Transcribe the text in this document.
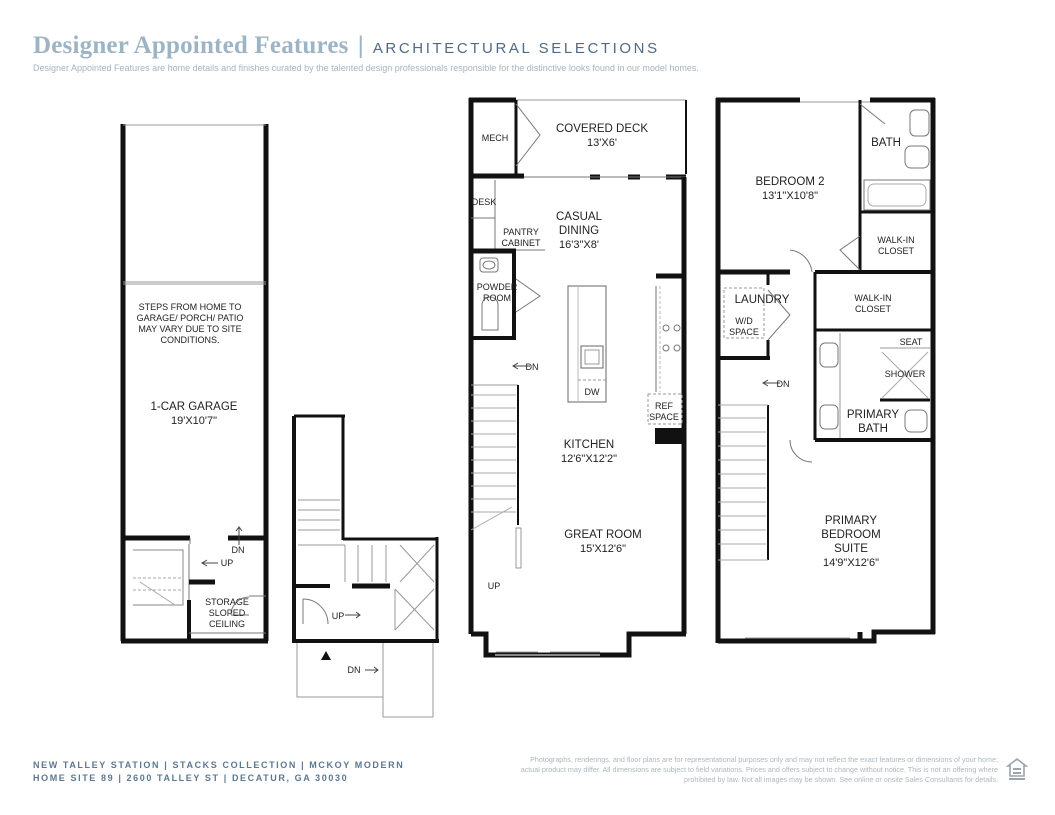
Designer Appointed Features | ARCHITECTURAL SELECTIONS
Designer Appointed Features are home details and finishes curated by the talented design professionals responsible for the distinctive looks found in our model homes.
STEPS FROM HOME TO
GARAGE/ PORCH/ PATIO
MAY VARY DUE TO SITE
CONDITIONS.
1-CAR GARAGE
19'X10'7"
DN
UP
STORAGE
SLOPED
CEILING
UP
DN
MECH
COVERED DECK
13'X6'
DESK
PANTRY
CABINET
CASUAL
DINING
16'3"X8'
POWDER
ROOM
DN
DW
REF
SPACE
KITCHEN
12'6"X12'2"
GREAT ROOM
15'X12'6"
UP
BEDROOM 2
13'1"X10'8"
BATH
WALK-IN
CLOSET
LAUNDRY
W/D
SPACE
WALK-IN
CLOSET
SEAT
SHOWER
DN
PRIMARY
BATH
PRIMARY
BEDROOM
SUITE
14'9"X12'6"
NEW TALLEY STATION | STACKS COLLECTION | MCKOY MODERN
HOME SITE 89 | 2600 TALLEY ST | DECATUR, GA 30030
Photographs, renderings, and floor plans are for representational purposes only and may not reflect the exact features or dimensions of your home; actual product may differ. All dimensions are subject to field variations. Prices and offers subject to change without notice. This is not an offering where prohibited by law. Not all images may be shown. See online or onsite Sales Consultants for details.
